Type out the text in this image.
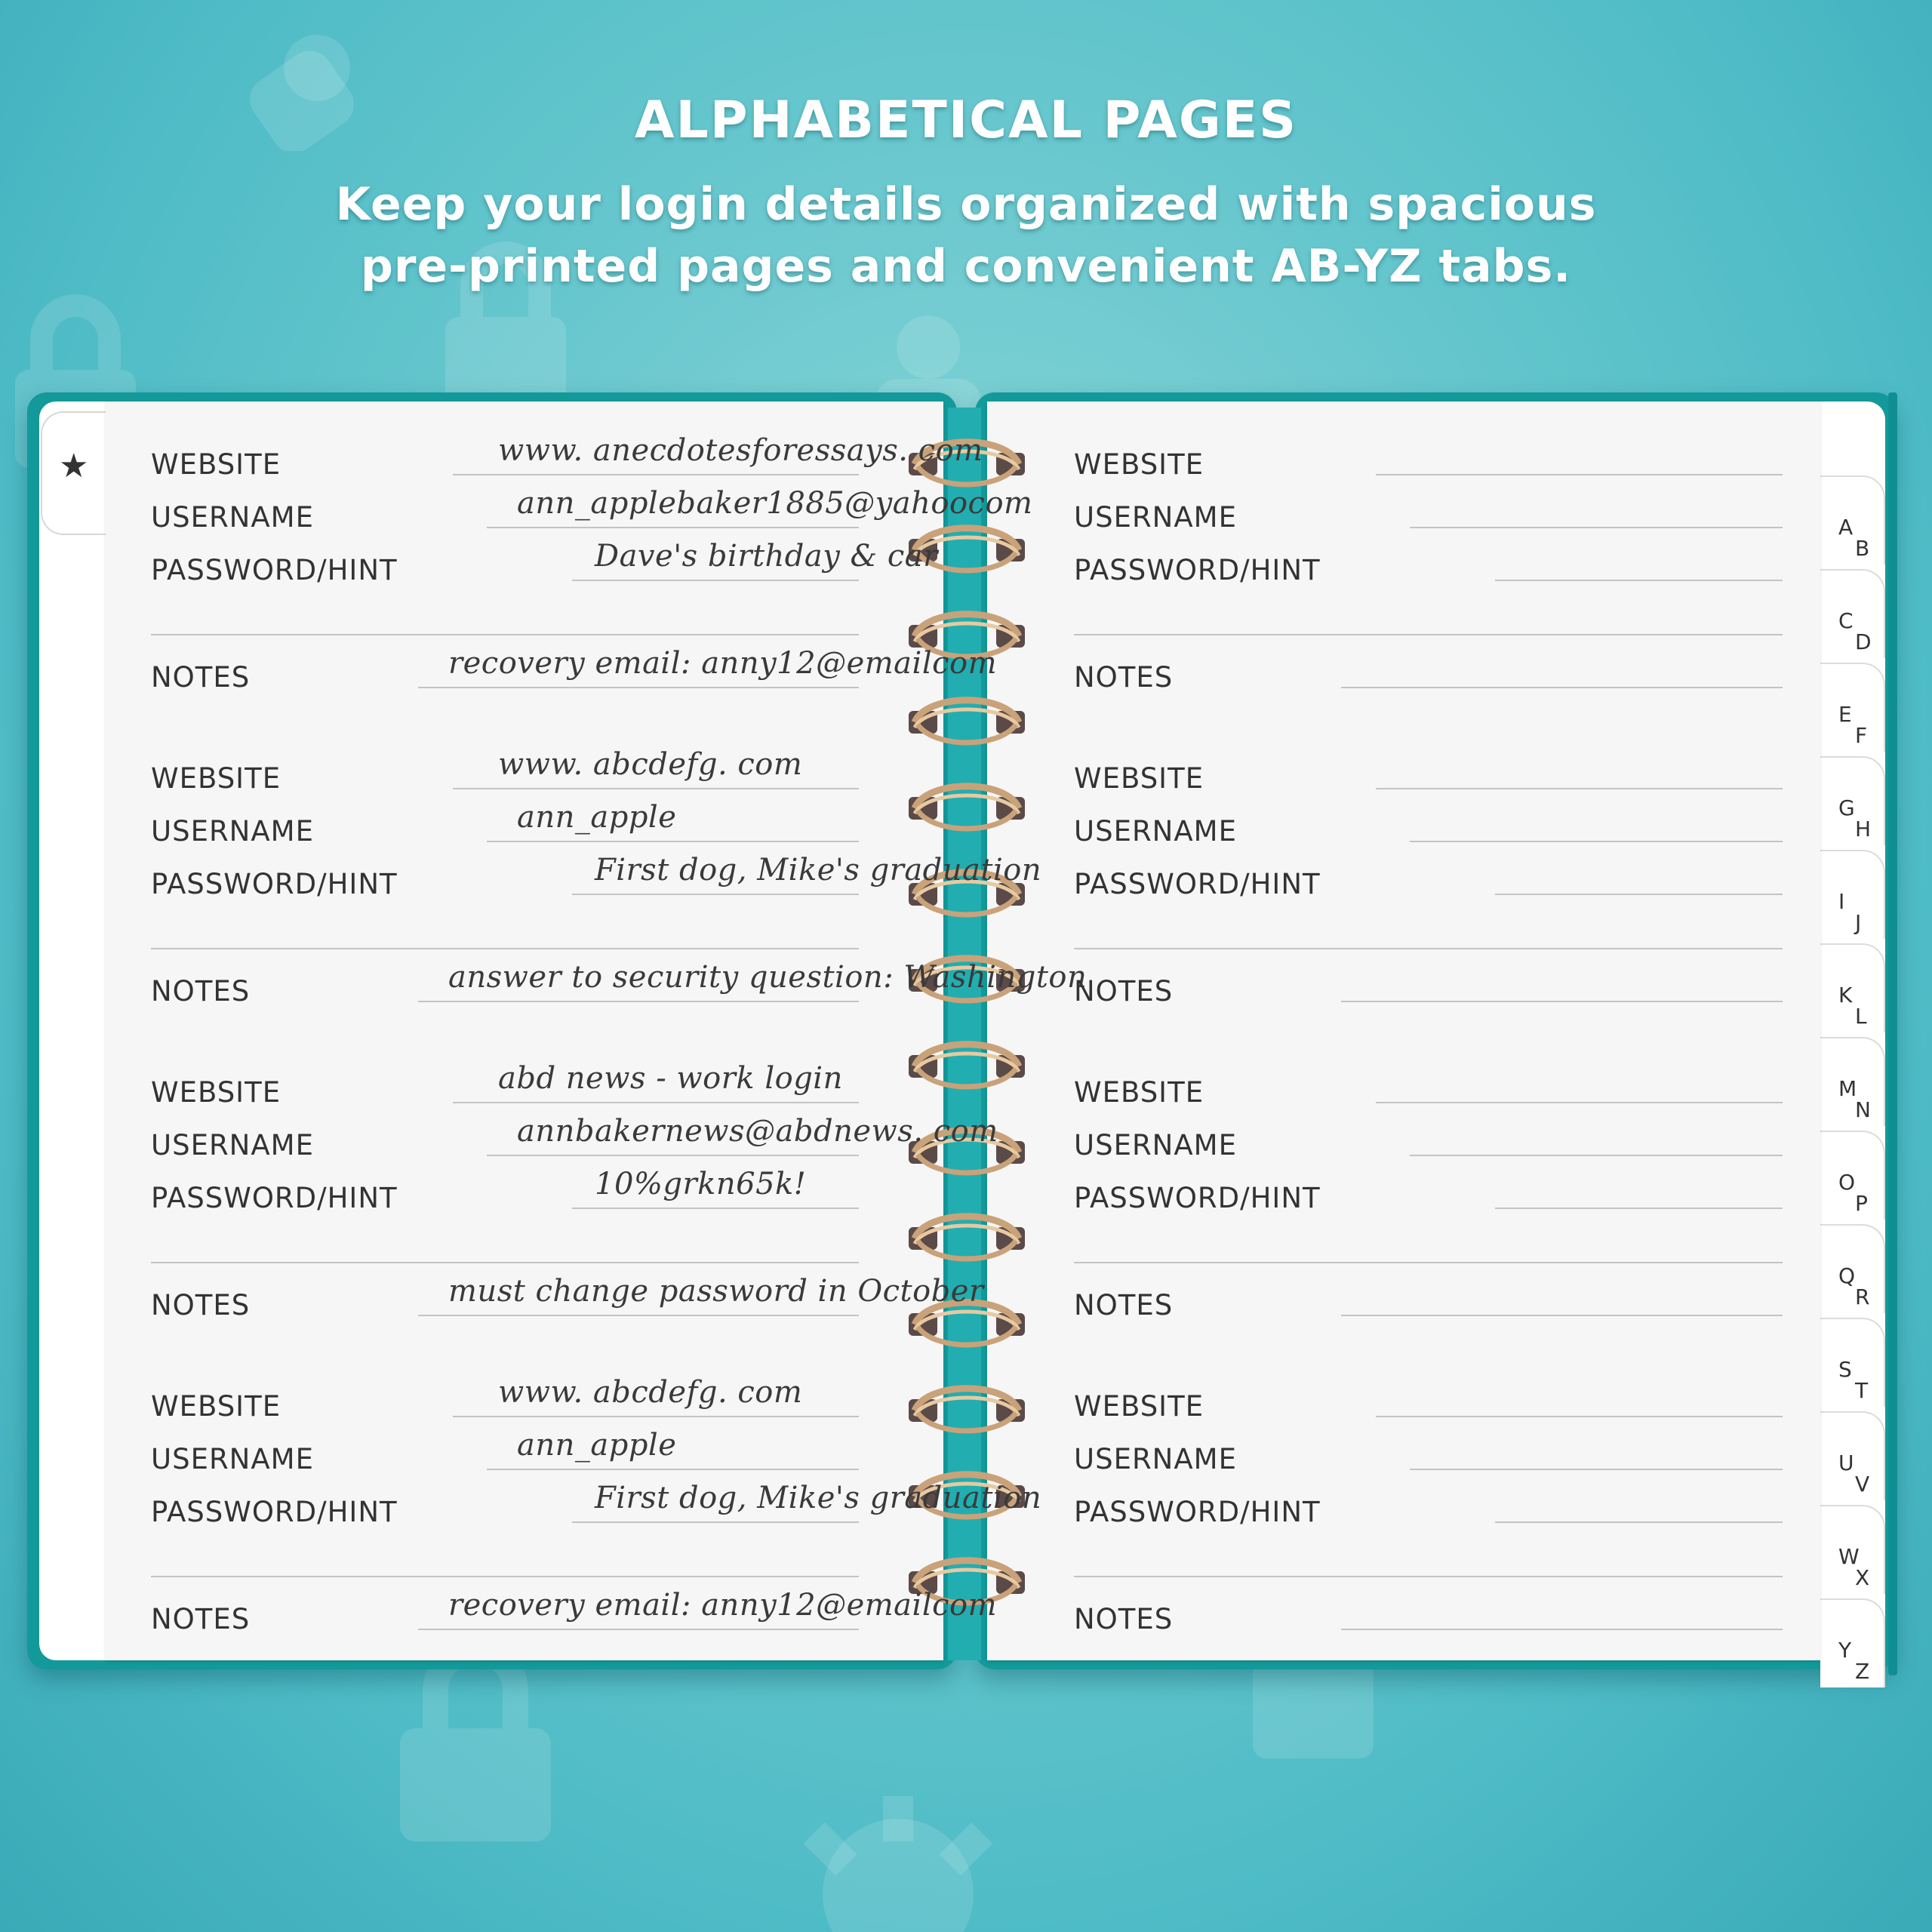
ALPHABETICAL PAGES
Keep your login details organized with spacious
pre-printed pages and convenient AB-YZ tabs.
★
A
B
C
D
E
F
G
H
I
J
K
L
M
N
O
P
Q
R
S
T
U
V
W
X
Y
Z
WEBSITE	www. anecdotesforessays. com
USERNAME	ann_applebaker1885@yahoocom
PASSWORD/HINT	Dave's birthday & car
NOTES	recovery email: anny12@emailcom
WEBSITE	www. abcdefg. com
USERNAME	ann_apple
PASSWORD/HINT	First dog, Mike's graduation
NOTES	answer to security question: Washington
WEBSITE	abd news - work login
USERNAME	annbakernews@abdnews. com
PASSWORD/HINT	10%grkn65k!
NOTES	must change password in October
WEBSITE	www. abcdefg. com
USERNAME	ann_apple
PASSWORD/HINT	First dog, Mike's graduation
NOTES	recovery email: anny12@emailcom
WEBSITE
USERNAME
PASSWORD/HINT
NOTES
WEBSITE
USERNAME
PASSWORD/HINT
NOTES
WEBSITE
USERNAME
PASSWORD/HINT
NOTES
WEBSITE
USERNAME
PASSWORD/HINT
NOTES
